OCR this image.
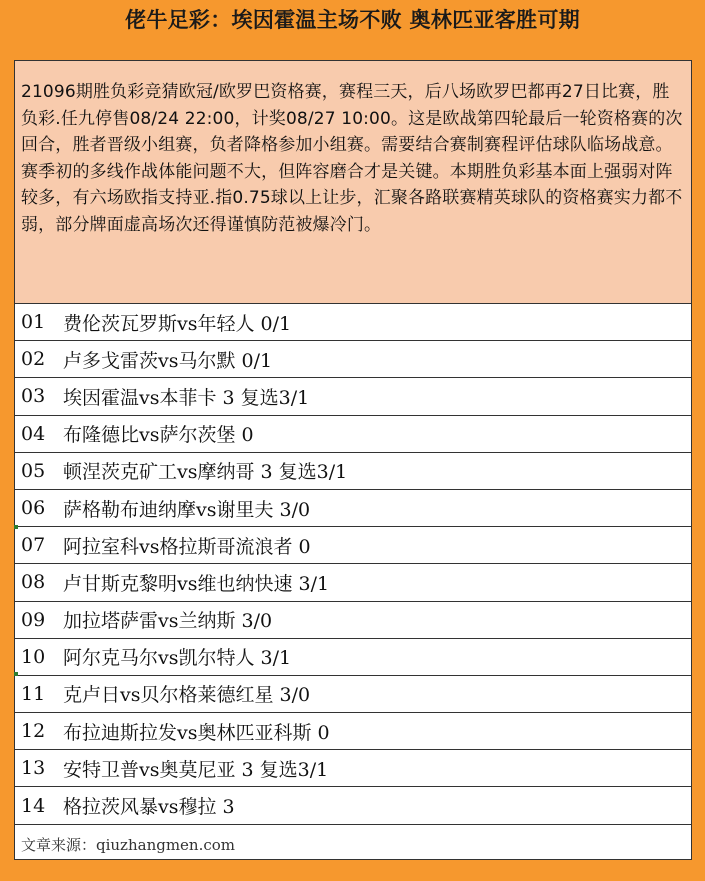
佬牛足彩：埃因霍温主场不败 奥林匹亚客胜可期
21096期胜负彩竞猜欧冠/欧罗巴资格赛，赛程三天，后八场欧罗巴都再27日比赛，胜负彩.任九停售08/24 22:00，计奖08/27 10:00。这是欧战第四轮最后一轮资格赛的次回合，胜者晋级小组赛，负者降格参加小组赛。需要结合赛制赛程评估球队临场战意。赛季初的多线作战体能问题不大，但阵容磨合才是关键。本期胜负彩基本面上强弱对阵较多，有六场欧指支持亚.指0.75球以上让步，汇聚各路联赛精英球队的资格赛实力都不弱，部分牌面虚高场次还得谨慎防范被爆冷门。
01 费伦茨瓦罗斯vs年轻人 0/1
02 卢多戈雷茨vs马尔默 0/1
03 埃因霍温vs本菲卡 3 复选3/1
04 布隆德比vs萨尔茨堡 0
05 顿涅茨克矿工vs摩纳哥 3 复选3/1
06 萨格勒布迪纳摩vs谢里夫 3/0
07 阿拉室科vs格拉斯哥流浪者 0
08 卢甘斯克黎明vs维也纳快速 3/1
09 加拉塔萨雷vs兰纳斯 3/0
10 阿尔克马尔vs凯尔特人 3/1
11 克卢日vs贝尔格莱德红星 3/0
12 布拉迪斯拉发vs奥林匹亚科斯 0
13 安特卫普vs奥莫尼亚 3 复选3/1
14 格拉茨风暴vs穆拉 3
文章来源：qiuzhangmen.com
